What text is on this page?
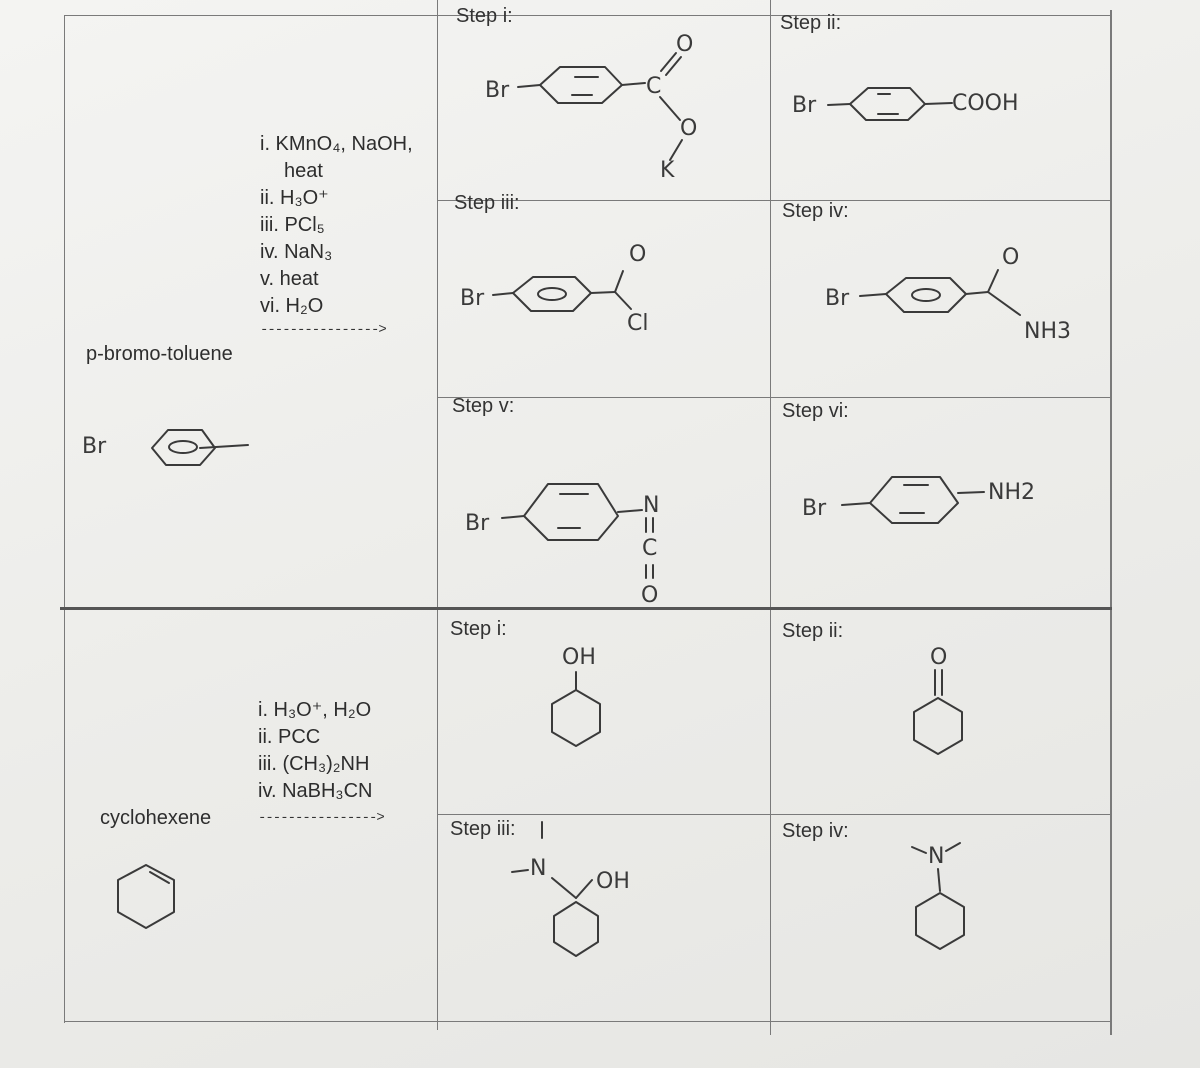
i. KMnO₄, NaOH,
heat
ii. H₃O⁺
iii. PCl₅
iv. NaN₃
v. heat
vi. H₂O
---------------->
p-bromo-toluene
Br
Step i:
Br	C
O
O
K
Step ii:
Br	COOH
Step iii:
Br
O
Cl
Step iv:
Br
O
NH3
Step v:
Br
N
C
O
Step vi:
Br
NH2
i. H₃O⁺, H₂O
ii. PCC
iii. (CH₃)₂NH
iv. NaBH₃CN
---------------->
cyclohexene
Step i:
OH
Step ii:
O
Step iii:
N
OH
Step iv:
N
